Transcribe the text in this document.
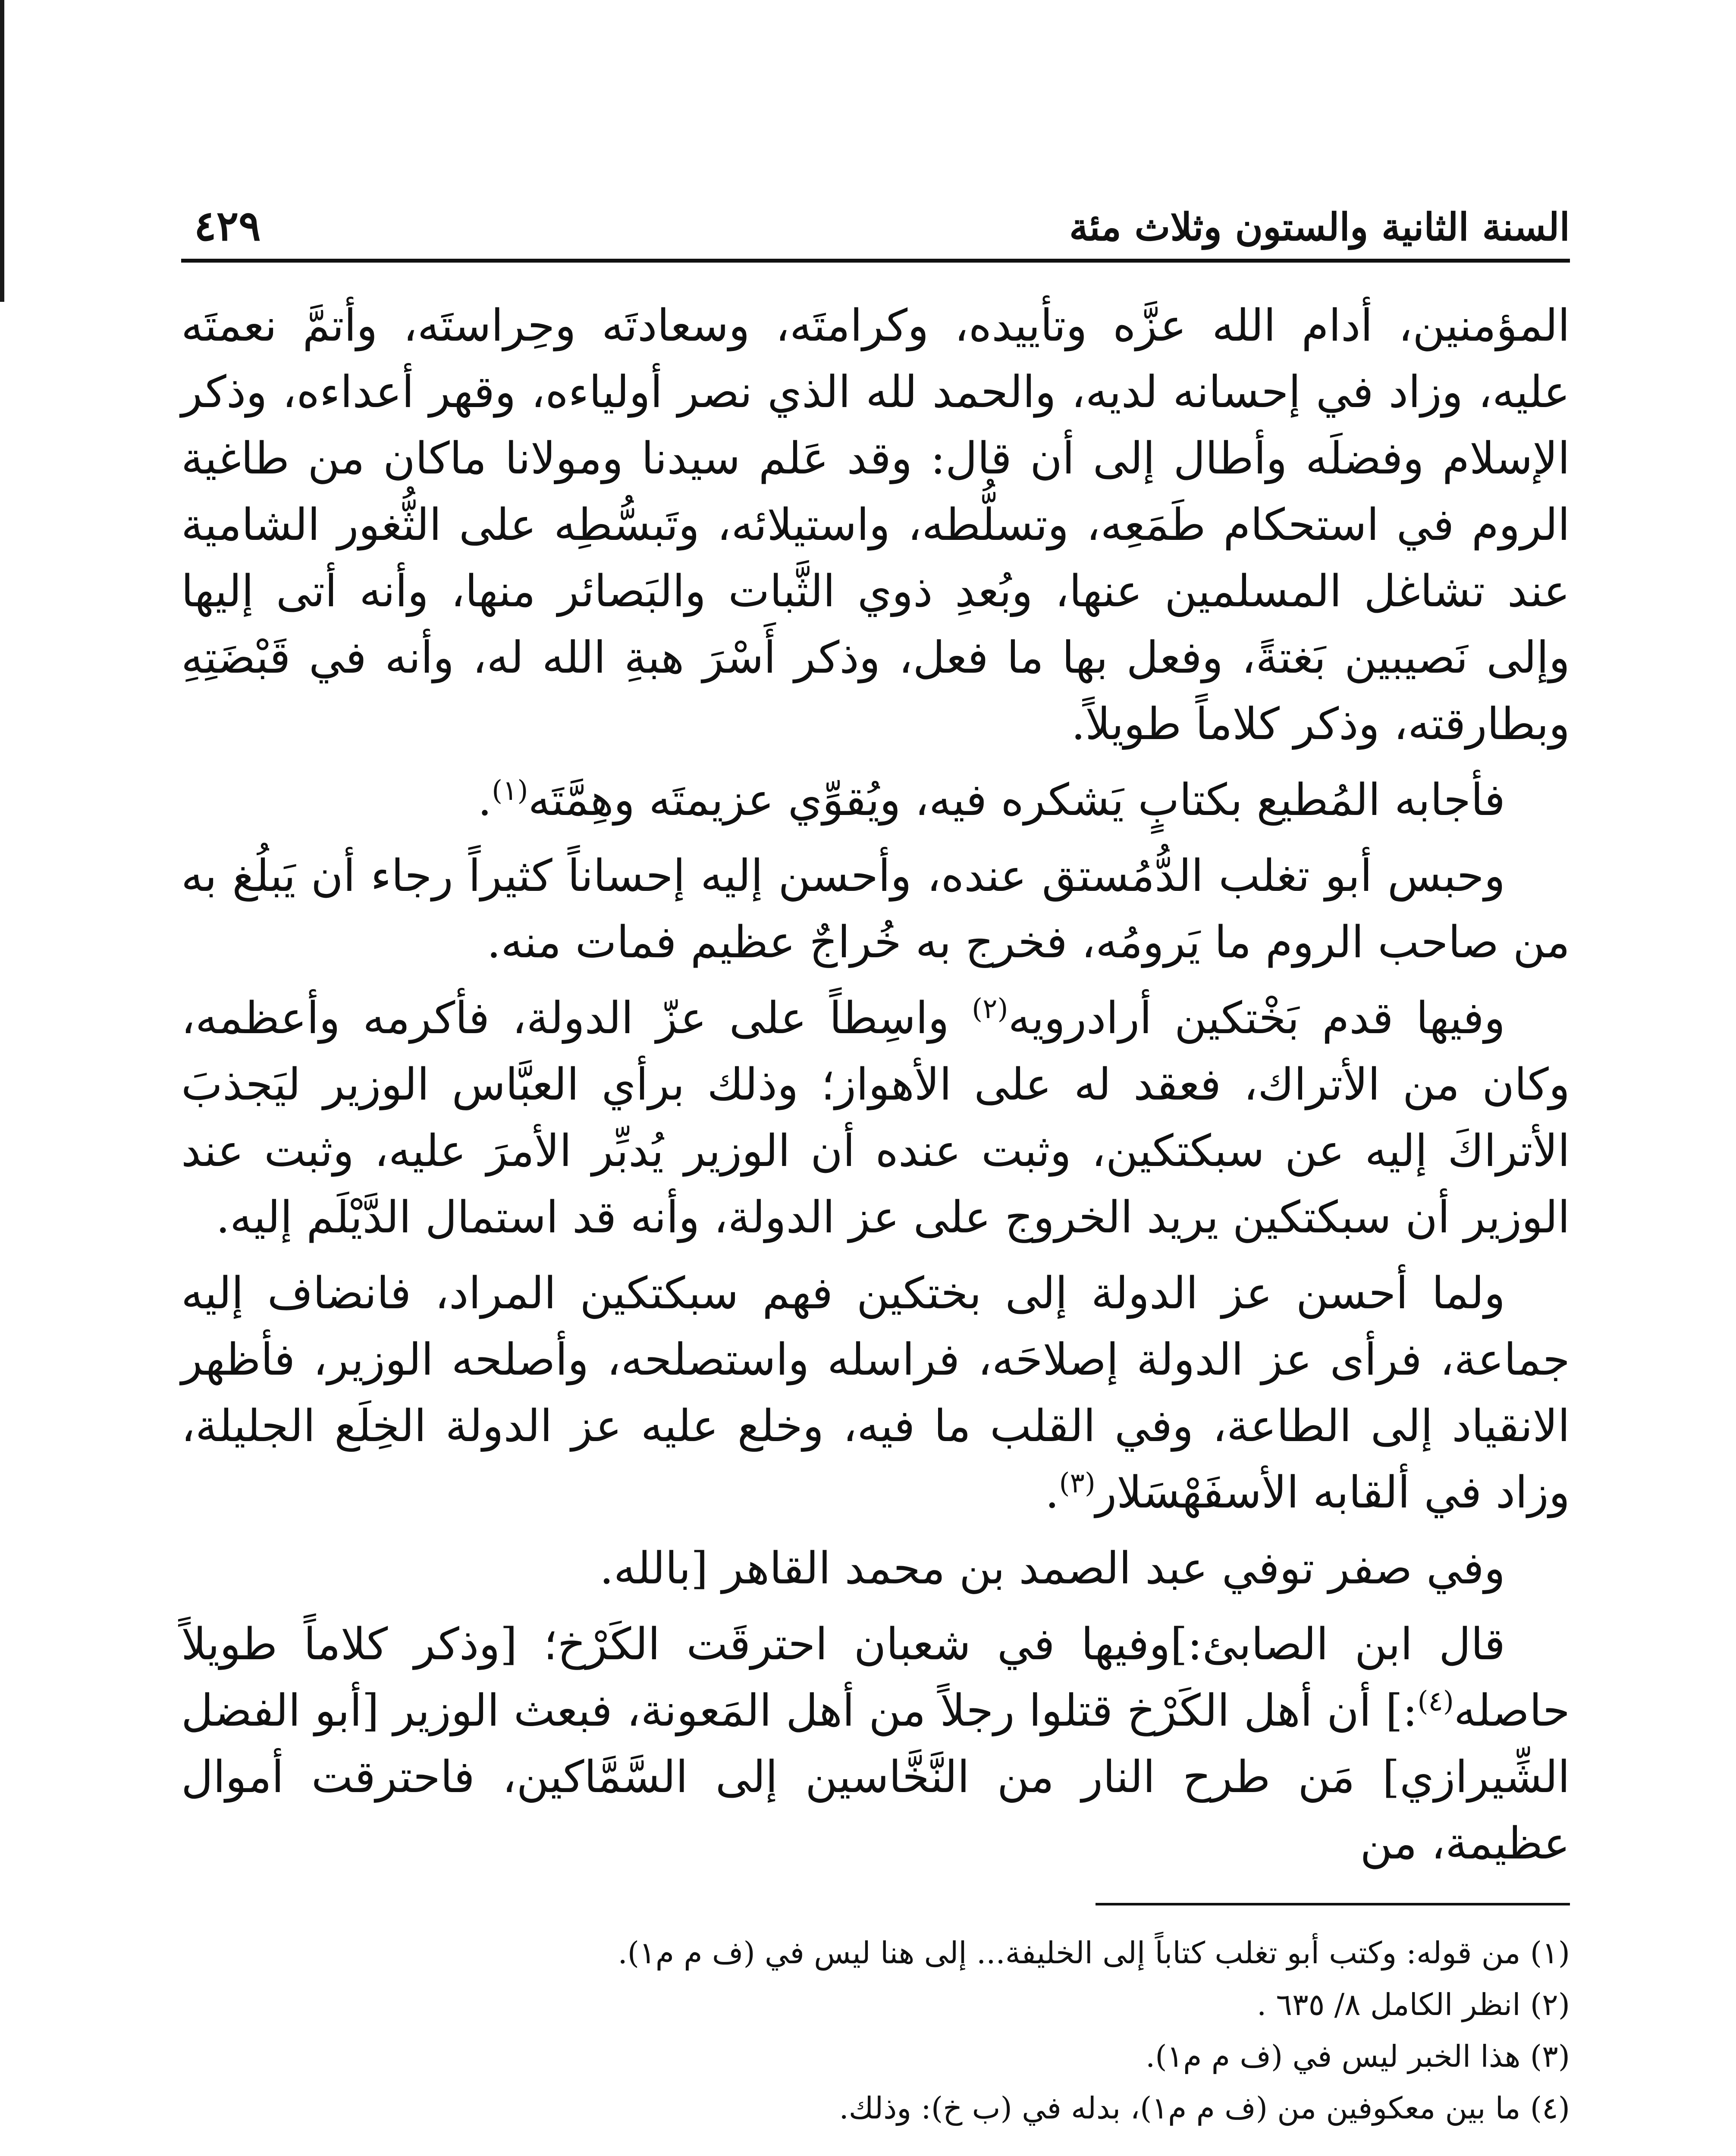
السنة الثانية والستون وثلاث مئة
٤٢٩

المؤمنين، أدام الله عزَّه وتأييده، وكرامتَه، وسعادتَه وحِراستَه، وأتمَّ نعمتَه عليه، وزاد في إحسانه لديه، والحمد لله الذي نصر أولياءه، وقهر أعداءه، وذكر الإسلام وفضلَه وأطال إلى أن قال: وقد عَلم سيدنا ومولانا ماكان من طاغية الروم في استحكام طَمَعِه، وتسلُّطه، واستيلائه، وتَبسُّطِه على الثُّغور الشامية عند تشاغل المسلمين عنها، وبُعدِ ذوي الثَّبات والبَصائر منها، وأنه أتى إليها وإلى نَصيبين بَغتةً، وفعل بها ما فعل، وذكر أَسْرَ هبةِ الله له، وأنه في قَبْضَتِهِ وبطارقته، وذكر كلاماً طويلاً.

فأجابه المُطيع بكتابٍ يَشكره فيه، ويُقوِّي عزيمتَه وهِمَّتَه$^{(١)}$.

وحبس أبو تغلب الدُّمُستق عنده، وأحسن إليه إحساناً كثيراً رجاء أن يَبلُغ به من صاحب الروم ما يَرومُه، فخرج به خُراجٌ عظيم فمات منه.

وفيها قدم بَخْتكين أرادرويه$^{(٢)}$ واسِطاً على عزّ الدولة، فأكرمه وأعظمه، وكان من الأتراك، فعقد له على الأهواز؛ وذلك برأي العبَّاس الوزير ليَجذبَ الأتراكَ إليه عن سبكتكين، وثبت عنده أن الوزير يُدبِّر الأمرَ عليه، وثبت عند الوزير أن سبكتكين يريد الخروج على عز الدولة، وأنه قد استمال الدَّيْلَم إليه.

ولما أحسن عز الدولة إلى بختكين فهم سبكتكين المراد، فانضاف إليه جماعة، فرأى عز الدولة إصلاحَه، فراسله واستصلحه، وأصلحه الوزير، فأظهر الانقياد إلى الطاعة، وفي القلب ما فيه، وخلع عليه عز الدولة الخِلَع الجليلة، وزاد في ألقابه الأسفَهْسَلار$^{(٣)}$.

وفي صفر توفي عبد الصمد بن محمد القاهر [بالله.

قال ابن الصابئ:]وفيها في شعبان احترقَت الكَرْخ؛ [وذكر كلاماً طويلاً حاصله$^{(٤)}$:] أن أهل الكَرْخ قتلوا رجلاً من أهل المَعونة، فبعث الوزير [أبو الفضل الشِّيرازي] مَن طرح النار من النَّخَّاسين إلى السَّمَّاكين، فاحترقت أموال عظيمة، من

(١) من قوله: وكتب أبو تغلب كتاباً إلى الخليفة... إلى هنا ليس في (ف م م١).

(٢) انظر الكامل ٨/ ٦٣٥ .

(٣) هذا الخبر ليس في (ف م م١).

(٤) ما بين معكوفين من (ف م م١)، بدله في (ب خ): وذلك.
